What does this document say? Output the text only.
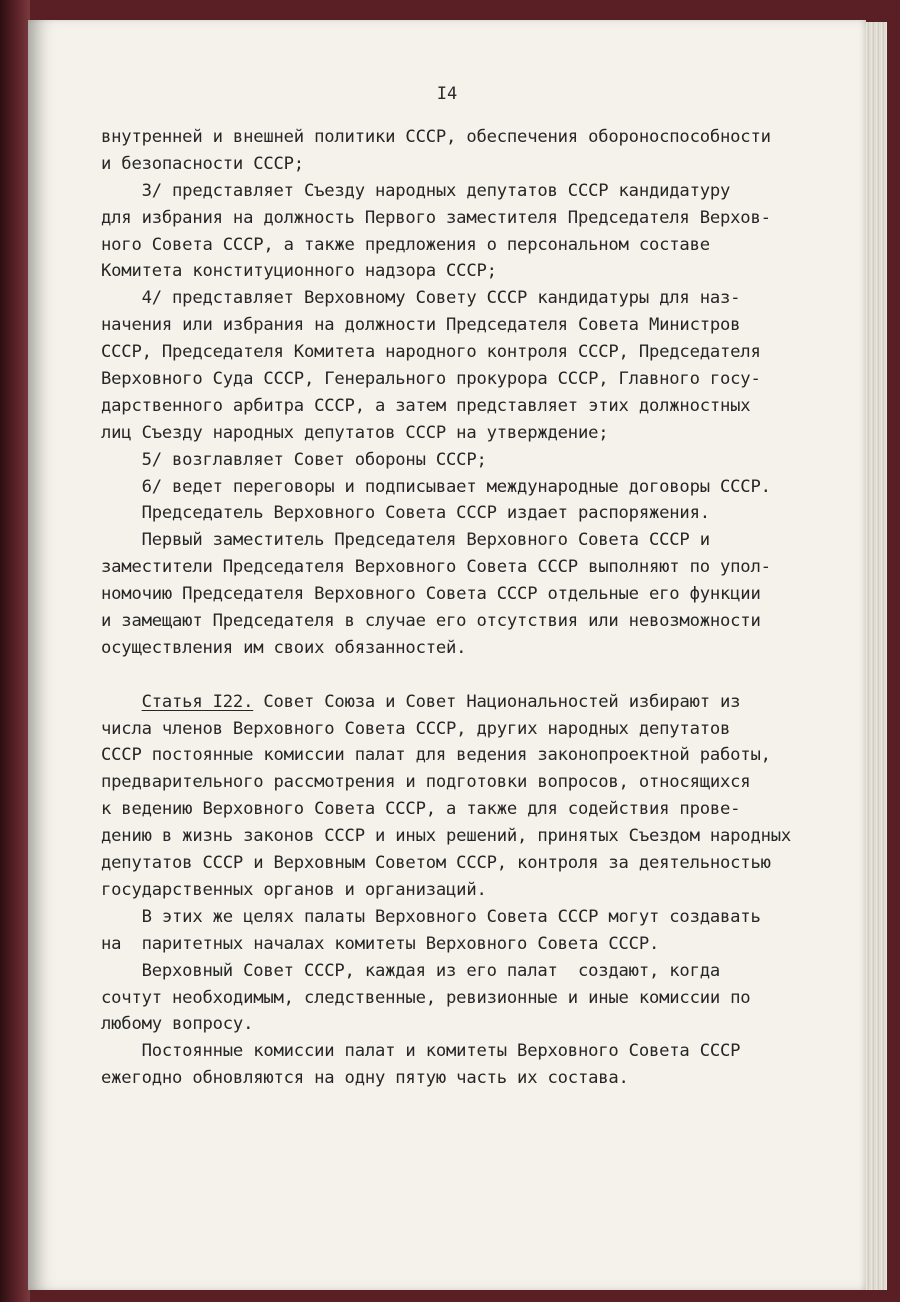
I4
внутренней и внешней политики СССР, обеспечения обороноспособности
и безопасности СССР;
3/ представляет Съезду народных депутатов СССР кандидатуру
для избрания на должность Первого заместителя Председателя Верхов-
ного Совета СССР, а также предложения о персональном составе
Комитета конституционного надзора СССР;
4/ представляет Верховному Совету СССР кандидатуры для наз-
начения или избрания на должности Председателя Совета Министров
СССР, Председателя Комитета народного контроля СССР, Председателя
Верховного Суда СССР, Генерального прокурора СССР, Главного госу-
дарственного арбитра СССР, а затем представляет этих должностных
лиц Съезду народных депутатов СССР на утверждение;
5/ возглавляет Совет обороны СССР;
6/ ведет переговоры и подписывает международные договоры СССР.
Председатель Верховного Совета СССР издает распоряжения.
Первый заместитель Председателя Верховного Совета СССР и
заместители Председателя Верховного Совета СССР выполняют по упол-
номочию Председателя Верховного Совета СССР отдельные его функции
и замещают Председателя в случае его отсутствия или невозможности
осуществления им своих обязанностей.
Статья I22. Совет Союза и Совет Национальностей избирают из
числа членов Верховного Совета СССР, других народных депутатов
СССР постоянные комиссии палат для ведения законопроектной работы,
предварительного рассмотрения и подготовки вопросов, относящихся
к ведению Верховного Совета СССР, а также для содействия прове-
дению в жизнь законов СССР и иных решений, принятых Съездом народных
депутатов СССР и Верховным Советом СССР, контроля за деятельностью
государственных органов и организаций.
В этих же целях палаты Верховного Совета СССР могут создавать
на  паритетных началах комитеты Верховного Совета СССР.
Верховный Совет СССР, каждая из его палат  создают, когда
сочтут необходимым, следственные, ревизионные и иные комиссии по
любому вопросу.
Постоянные комиссии палат и комитеты Верховного Совета СССР
ежегодно обновляются на одну пятую часть их состава.
